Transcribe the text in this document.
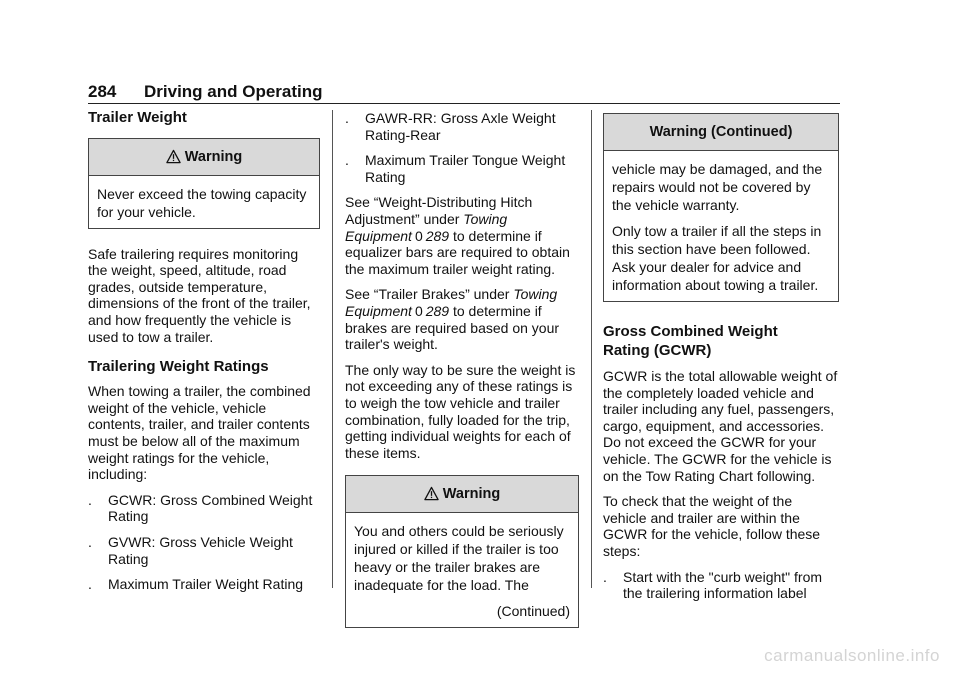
284 Driving and Operating
Trailer Weight
Warning

Never exceed the towing capacity for your vehicle.

Safe trailering requires monitoring the weight, speed, altitude, road grades, outside temperature, dimensions of the front of the trailer, and how frequently the vehicle is used to tow a trailer.

Trailering Weight Ratings

When towing a trailer, the combined weight of the vehicle, vehicle contents, trailer, and trailer contents must be below all of the maximum weight ratings for the vehicle, including:

. GCWR: Gross Combined Weight Rating
. GVWR: Gross Vehicle Weight Rating
. Maximum Trailer Weight Rating
. GAWR-RR: Gross Axle Weight Rating-Rear
. Maximum Trailer Tongue Weight Rating

See “Weight-Distributing Hitch Adjustment” under Towing Equipment 0 289 to determine if equalizer bars are required to obtain the maximum trailer weight rating.

See “Trailer Brakes” under Towing Equipment 0 289 to determine if brakes are required based on your trailer's weight.

The only way to be sure the weight is not exceeding any of these ratings is to weigh the tow vehicle and trailer combination, fully loaded for the trip, getting individual weights for each of these items.

Warning

You and others could be seriously injured or killed if the trailer is too heavy or the trailer brakes are inadequate for the load. The

(Continued)

Warning (Continued)

vehicle may be damaged, and the repairs would not be covered by the vehicle warranty.

Only tow a trailer if all the steps in this section have been followed. Ask your dealer for advice and information about towing a trailer.

Gross Combined Weight Rating (GCWR)

GCWR is the total allowable weight of the completely loaded vehicle and trailer including any fuel, passengers, cargo, equipment, and accessories. Do not exceed the GCWR for your vehicle. The GCWR for the vehicle is on the Tow Rating Chart following.

To check that the weight of the vehicle and trailer are within the GCWR for the vehicle, follow these steps:

. Start with the "curb weight" from the trailering information label
carmanualsonline.info
